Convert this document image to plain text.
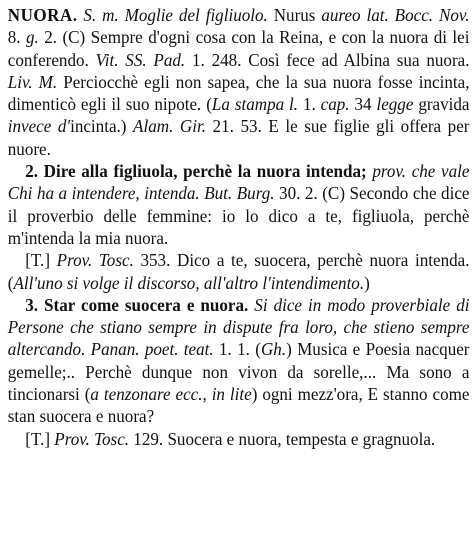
NUORA. S. m. Moglie del figliuolo. Nurus aureo lat. Bocc. Nov. 8. g. 2. (C) Sempre d'ogni cosa con la Reina, e con la nuora di lei conferendo. Vit. SS. Pad. 1. 248. Così fece ad Albina sua nuora. Liv. M. Perciocchè egli non sapea, che la sua nuora fosse incinta, dimenticò egli il suo nipote. (La stampa l. 1. cap. 34 legge gravida invece d'incinta.) Alam. Gir. 21. 53. E le sue figlie gli offera per nuore.

2. Dire alla figliuola, perchè la nuora intenda; prov. che vale Chi ha a intendere, intenda. But. Burg. 30. 2. (C) Secondo che dice il proverbio delle femmine: io lo dico a te, figliuola, perchè m'intenda la mia nuora.

[T.] Prov. Tosc. 353. Dico a te, suocera, perchè nuora intenda. (All'uno si volge il discorso, all'altro l'intendimento.)

3. Star come suocera e nuora. Si dice in modo proverbiale di Persone che stiano sempre in dispute fra loro, che stieno sempre altercando. Panan. poet. teat. 1. 1. (Gh.) Musica e Poesia nacquer gemelle;.. Perchè dunque non vivon da sorelle,... Ma sono a tincionarsi (a tenzonare ecc., in lite) ogni mezz'ora, E stanno come stan suocera e nuora?

[T.] Prov. Tosc. 129. Suocera e nuora, tempesta e gragnuola.
